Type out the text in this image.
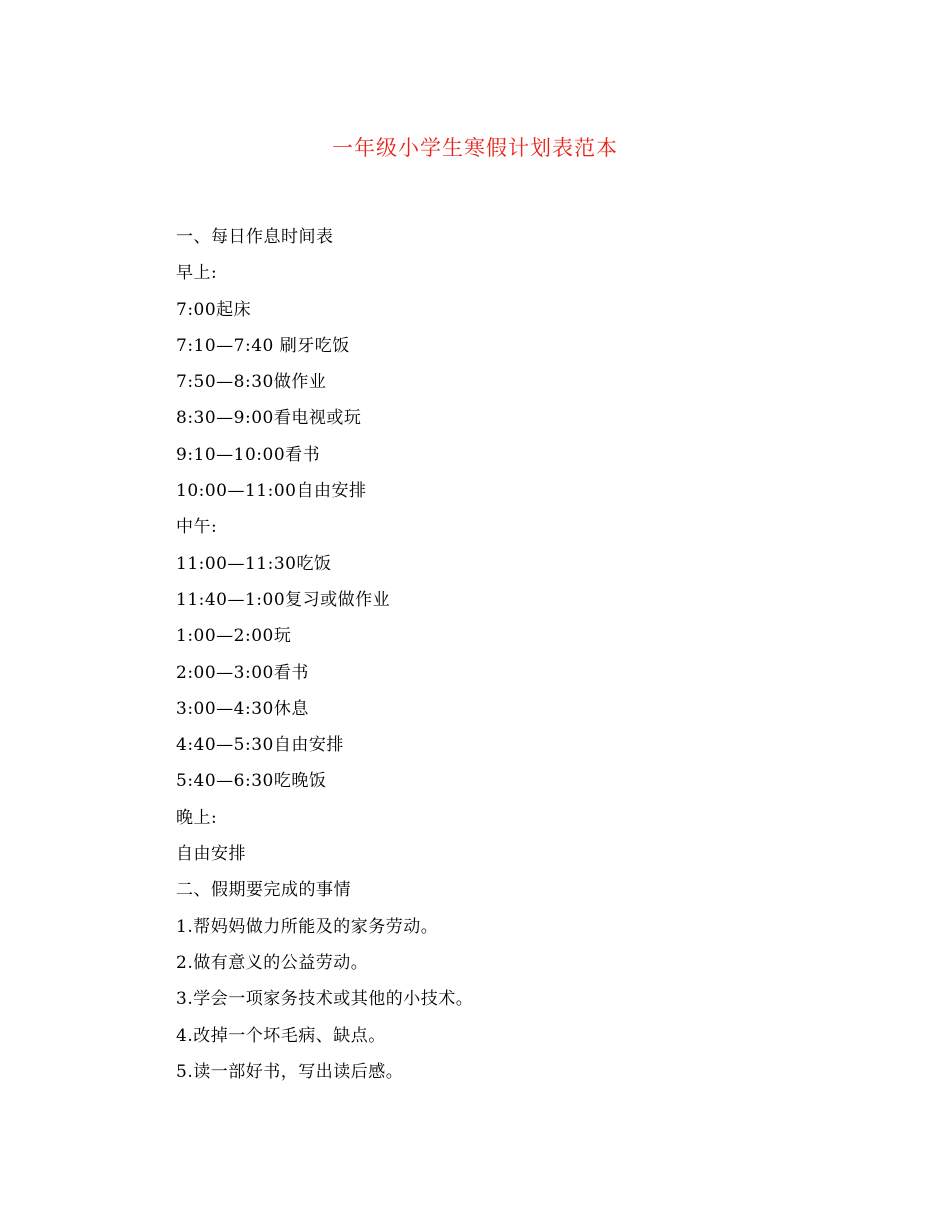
一年级小学生寒假计划表范本
一、每日作息时间表
早上:
7:00起床
7:10—7:40 刷牙吃饭
7:50—8:30做作业
8:30—9:00看电视或玩
9:10—10:00看书
10:00—11:00自由安排
中午:
11:00—11:30吃饭
11:40—1:00复习或做作业
1:00—2:00玩
2:00—3:00看书
3:00—4:30休息
4:40—5:30自由安排
5:40—6:30吃晚饭
晚上:
自由安排
二、假期要完成的事情
1.帮妈妈做力所能及的家务劳动。
2.做有意义的公益劳动。
3.学会一项家务技术或其他的小技术。
4.改掉一个坏毛病、缺点。
5.读一部好书，写出读后感。
